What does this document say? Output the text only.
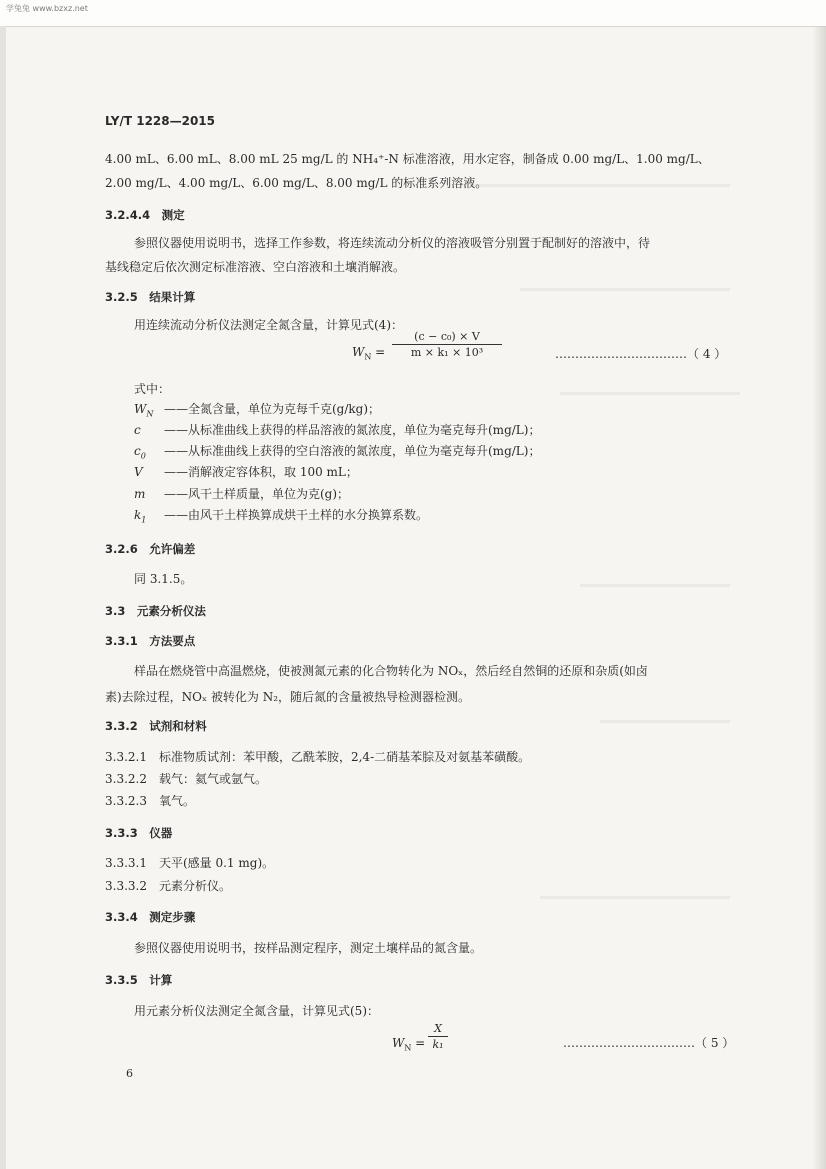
学兔兔 www.bzxz.net
LY/T 1228—2015
4.00 mL、6.00 mL、8.00 mL 25 mg/L 的 NH₄⁺-N 标准溶液，用水定容，制备成 0.00 mg/L、1.00 mg/L、
2.00 mg/L、4.00 mg/L、6.00 mg/L、8.00 mg/L 的标准系列溶液。
3.2.4.4　测定
参照仪器使用说明书，选择工作参数，将连续流动分析仪的溶液吸管分别置于配制好的溶液中，待
基线稳定后依次测定标准溶液、空白溶液和土壤消解液。
3.2.5　结果计算
用连续流动分析仪法测定全氮含量，计算见式(4)：
$W_N = \frac{\text{(c − c₀) × V}}{\text{m × k₁ × 10³}}$	……………………………（ 4 ）
式中：
$W_N$ ——全氮含量，单位为克每千克(g/kg)；
c ——从标准曲线上获得的样品溶液的氮浓度，单位为毫克每升(mg/L)；
$c_0$ ——从标准曲线上获得的空白溶液的氮浓度，单位为毫克每升(mg/L)；
V ——消解液定容体积，取 100 mL；
m ——风干土样质量，单位为克(g)；
$k_1$ ——由风干土样换算成烘干土样的水分换算系数。
3.2.6　允许偏差
同 3.1.5。
3.3　元素分析仪法
3.3.1　方法要点
样品在燃烧管中高温燃烧，使被测氮元素的化合物转化为 NOₓ，然后经自然铜的还原和杂质(如卤
素)去除过程，NOₓ 被转化为 N₂，随后氮的含量被热导检测器检测。
3.3.2　试剂和材料
3.3.2.1　标准物质试剂：苯甲酸，乙酰苯胺，2,4-二硝基苯腙及对氨基苯磺酸。
3.3.2.2　载气：氦气或氩气。
3.3.2.3　氧气。
3.3.3　仪器
3.3.3.1　天平(感量 0.1 mg)。
3.3.3.2　元素分析仪。
3.3.4　测定步骤
参照仪器使用说明书，按样品测定程序，测定土壤样品的氮含量。
3.3.5　计算
用元素分析仪法测定全氮含量，计算见式(5)：
$W_N = \frac{X}{\text{k₁}}$	……………………………（ 5 ）
6
